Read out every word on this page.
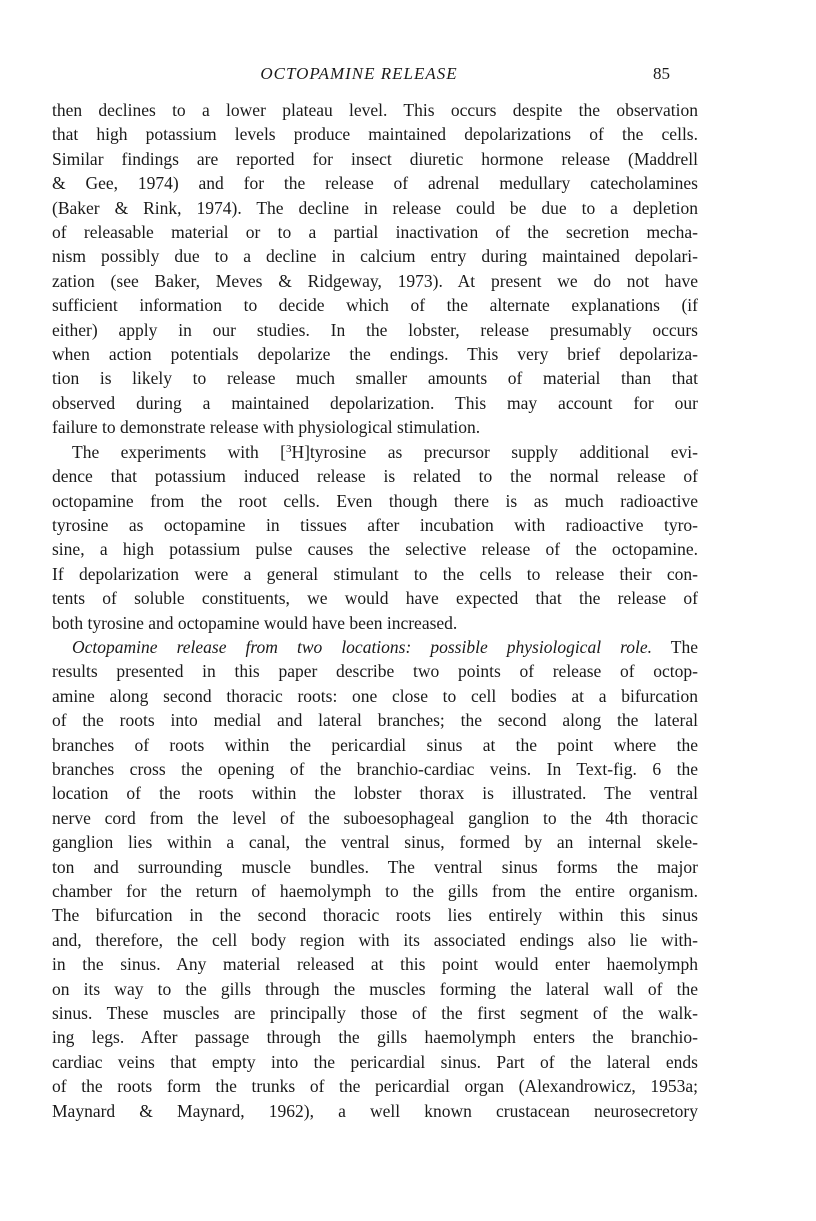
OCTOPAMINE RELEASE	85
then declines to a lower plateau level. This occurs despite the observation
that high potassium levels produce maintained depolarizations of the cells.
Similar findings are reported for insect diuretic hormone release (Maddrell
& Gee, 1974) and for the release of adrenal medullary catecholamines
(Baker & Rink, 1974). The decline in release could be due to a depletion
of releasable material or to a partial inactivation of the secretion mecha-
nism possibly due to a decline in calcium entry during maintained depolari-
zation (see Baker, Meves & Ridgeway, 1973). At present we do not have
sufficient information to decide which of the alternate explanations (if
either) apply in our studies. In the lobster, release presumably occurs
when action potentials depolarize the endings. This very brief depolariza-
tion is likely to release much smaller amounts of material than that
observed during a maintained depolarization. This may account for our
failure to demonstrate release with physiological stimulation.
The experiments with [$^3$H]tyrosine as precursor supply additional evi-
dence that potassium induced release is related to the normal release of
octopamine from the root cells. Even though there is as much radioactive
tyrosine as octopamine in tissues after incubation with radioactive tyro-
sine, a high potassium pulse causes the selective release of the octopamine.
If depolarization were a general stimulant to the cells to release their con-
tents of soluble constituents, we would have expected that the release of
both tyrosine and octopamine would have been increased.
Octopamine release from two locations: possible physiological role. The
results presented in this paper describe two points of release of octop-
amine along second thoracic roots: one close to cell bodies at a bifurcation
of the roots into medial and lateral branches; the second along the lateral
branches of roots within the pericardial sinus at the point where the
branches cross the opening of the branchio-cardiac veins. In Text-fig. 6 the
location of the roots within the lobster thorax is illustrated. The ventral
nerve cord from the level of the suboesophageal ganglion to the 4th thoracic
ganglion lies within a canal, the ventral sinus, formed by an internal skele-
ton and surrounding muscle bundles. The ventral sinus forms the major
chamber for the return of haemolymph to the gills from the entire organism.
The bifurcation in the second thoracic roots lies entirely within this sinus
and, therefore, the cell body region with its associated endings also lie with-
in the sinus. Any material released at this point would enter haemolymph
on its way to the gills through the muscles forming the lateral wall of the
sinus. These muscles are principally those of the first segment of the walk-
ing legs. After passage through the gills haemolymph enters the branchio-
cardiac veins that empty into the pericardial sinus. Part of the lateral ends
of the roots form the trunks of the pericardial organ (Alexandrowicz, 1953a;
Maynard & Maynard, 1962), a well known crustacean neurosecretory
